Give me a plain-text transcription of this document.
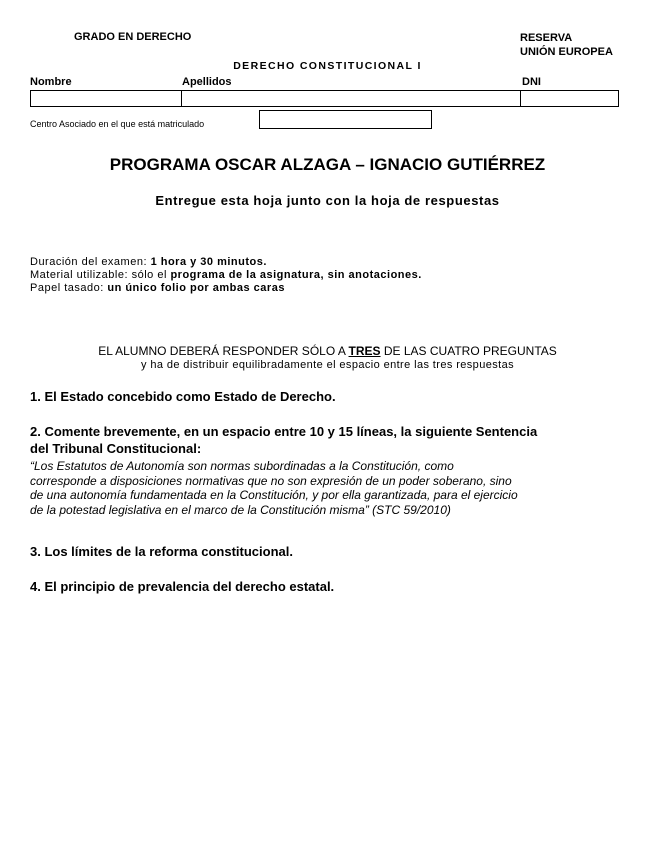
GRADO EN DERECHO	RESERVA
UNIÓN EUROPEA
DERECHO CONSTITUCIONAL I
Nombre	Apellidos	DNI
Centro Asociado en el que está matriculado
PROGRAMA OSCAR ALZAGA – IGNACIO GUTIÉRREZ
Entregue esta hoja junto con la hoja de respuestas
Duración del examen: 1 hora y 30 minutos.
Material utilizable: sólo el programa de la asignatura, sin anotaciones.
Papel tasado: un único folio por ambas caras
EL ALUMNO DEBERÁ RESPONDER SÓLO A TRES DE LAS CUATRO PREGUNTAS
y ha de distribuir equilibradamente el espacio entre las tres respuestas
1. El Estado concebido como Estado de Derecho.
2. Comente brevemente, en un espacio entre 10 y 15 líneas, la siguiente Sentencia
del Tribunal Constitucional:
“Los Estatutos de Autonomía son normas subordinadas a la Constitución, como
corresponde a disposiciones normativas que no son expresión de un poder soberano, sino
de una autonomía fundamentada en la Constitución, y por ella garantizada, para el ejercicio
de la potestad legislativa en el marco de la Constitución misma” (STC 59/2010)
3. Los límites de la reforma constitucional.
4. El principio de prevalencia del derecho estatal.
